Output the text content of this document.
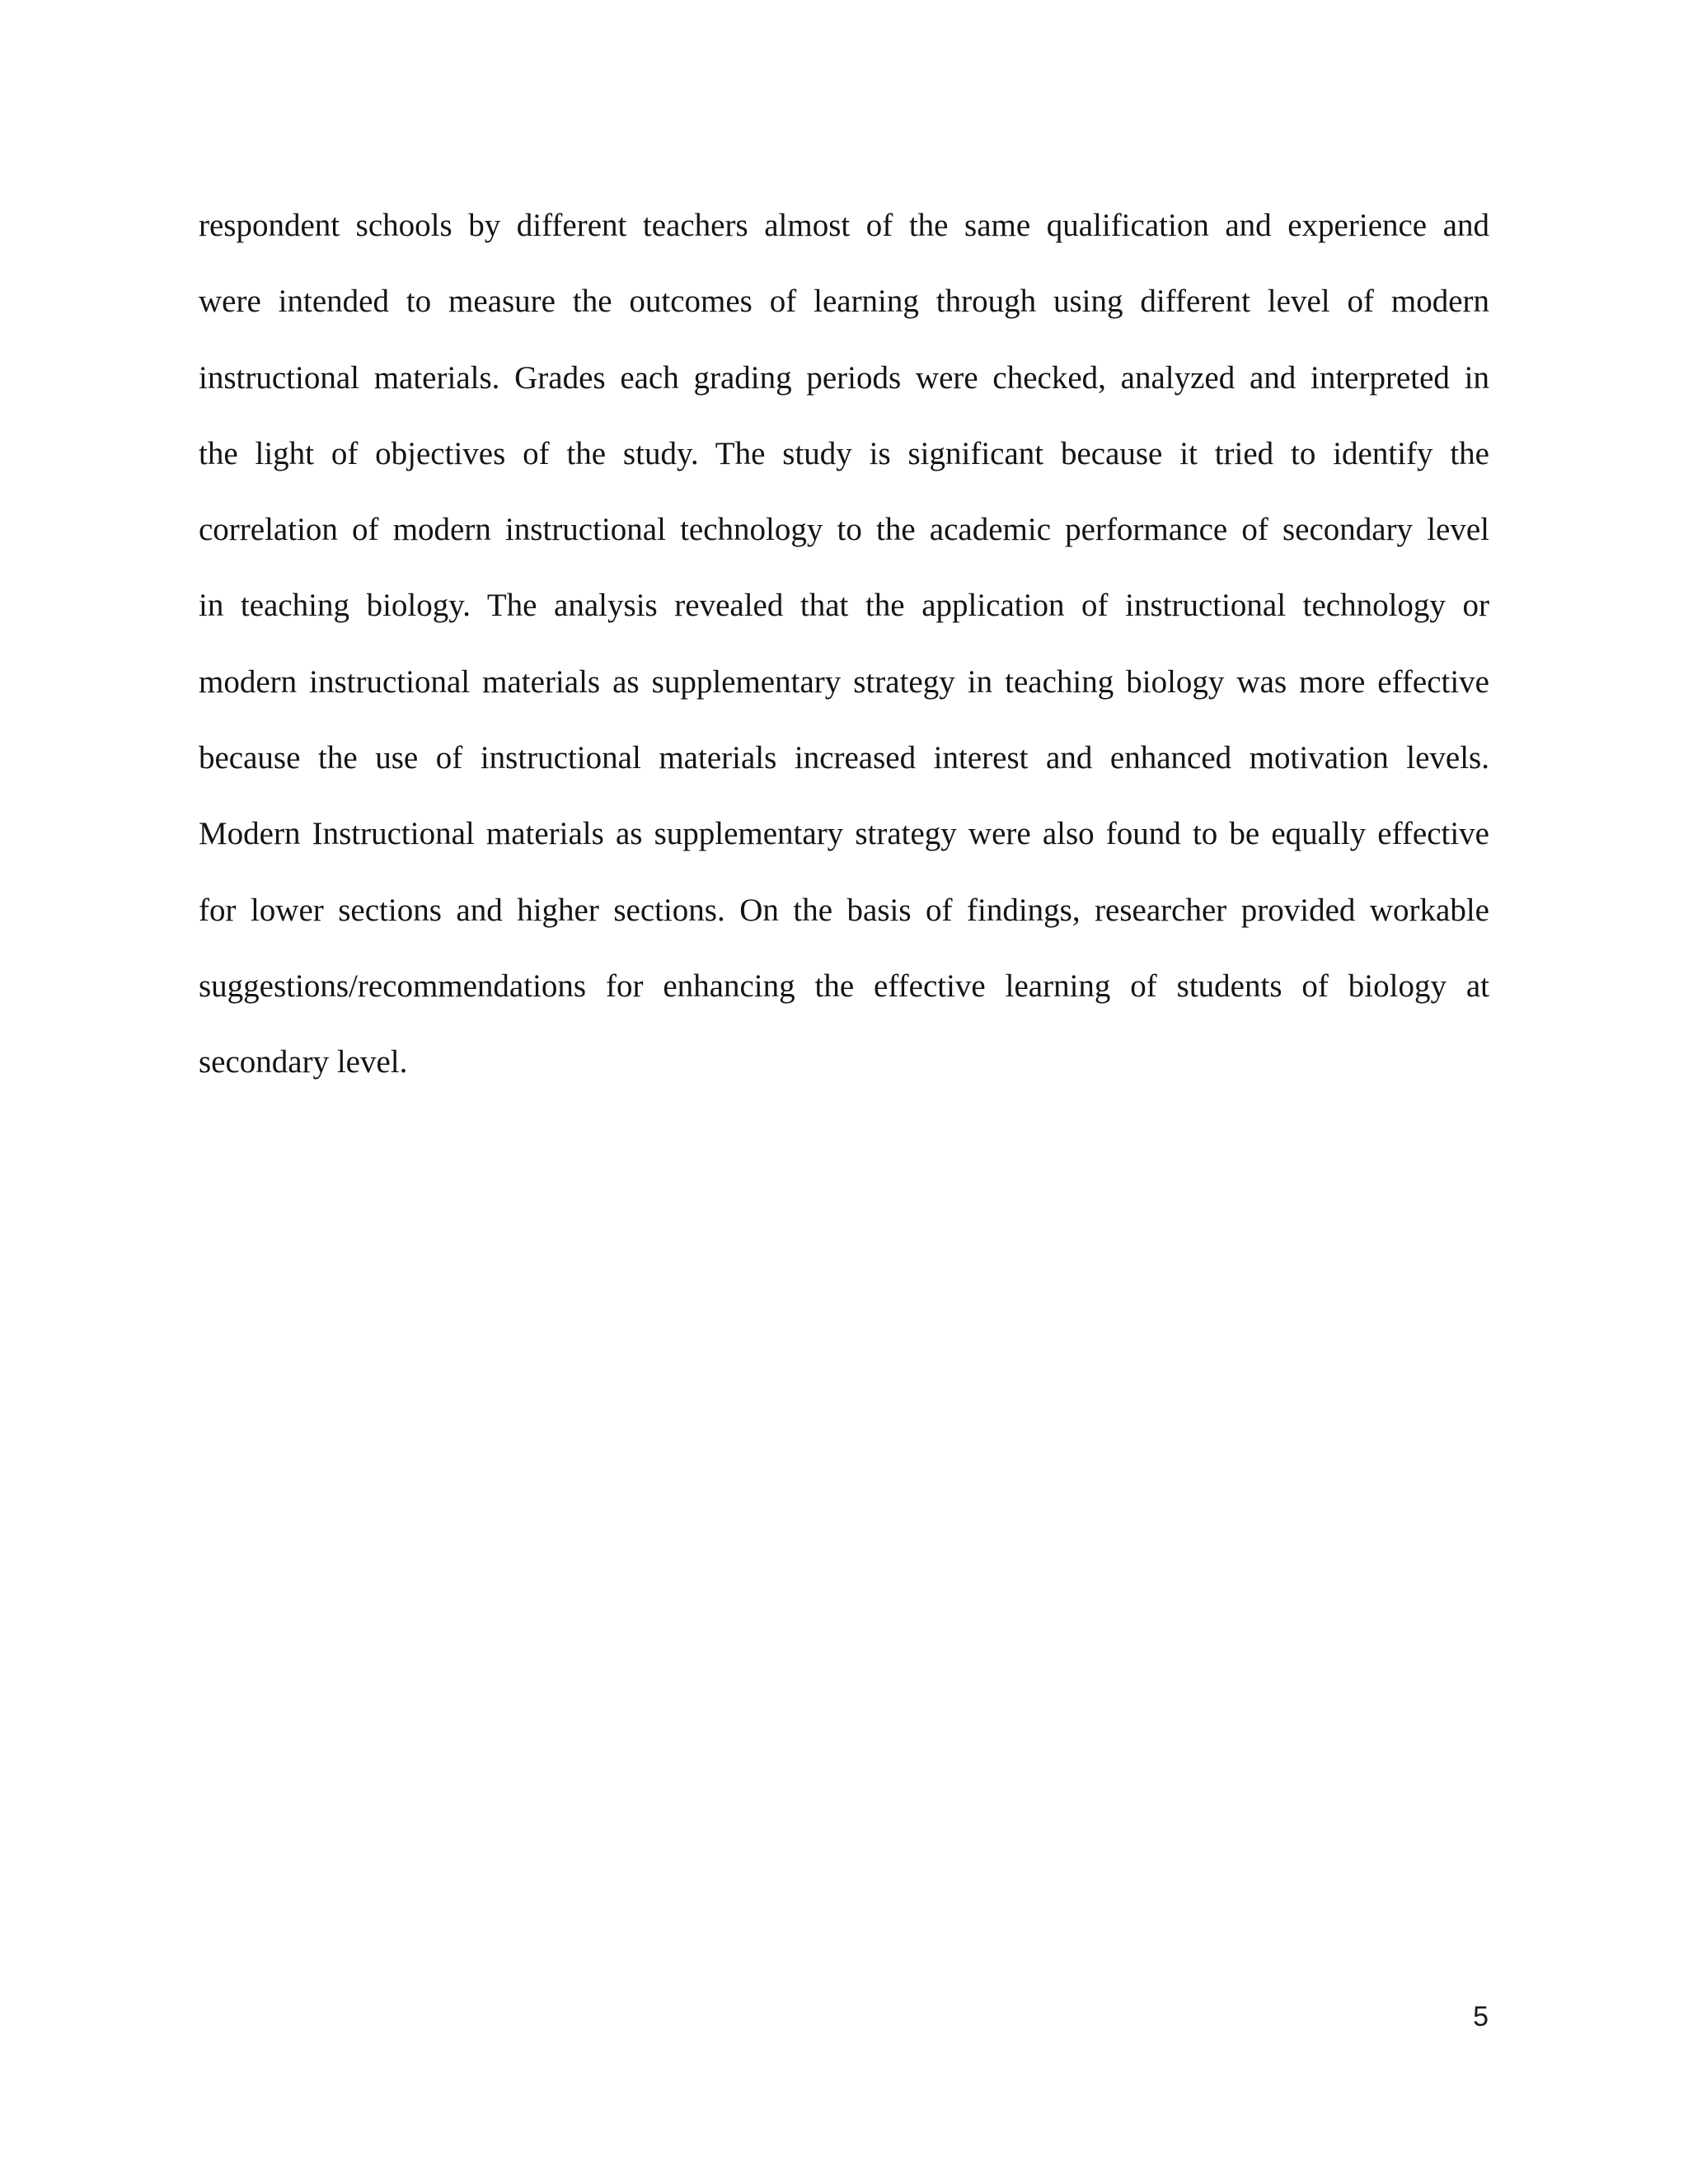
respondent schools by different teachers almost of the same qualification and experience and
were intended to measure the outcomes of learning through using different level of modern
instructional materials. Grades each grading periods were checked, analyzed and interpreted in
the light of objectives of the study. The study is significant because it tried to identify the
correlation of modern instructional technology to the academic performance of secondary level
in teaching biology. The analysis revealed that the application of instructional technology or
modern instructional materials as supplementary strategy in teaching biology was more effective
because the use of instructional materials increased interest and enhanced motivation levels.
Modern Instructional materials as supplementary strategy were also found to be equally effective
for lower sections and higher sections. On the basis of findings, researcher provided workable
suggestions/recommendations for enhancing the effective learning of students of biology at
secondary level.
5
